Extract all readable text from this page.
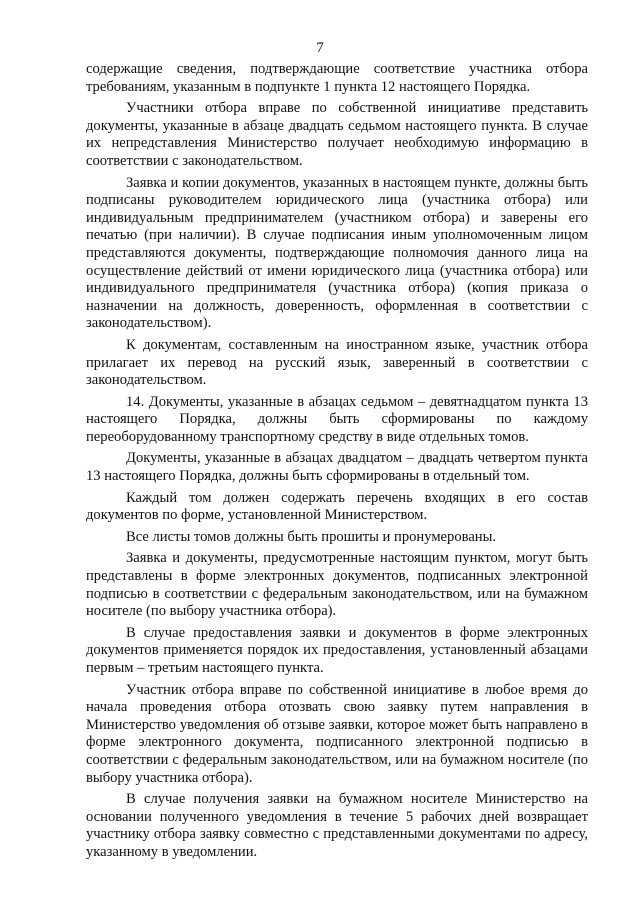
7

содержащие сведения, подтверждающие соответствие участника отбора требованиям, указанным в подпункте 1 пункта 12 настоящего Порядка.

Участники отбора вправе по собственной инициативе представить документы, указанные в абзаце двадцать седьмом настоящего пункта. В случае их непредставления Министерство получает необходимую информацию в соответствии с законодательством.

Заявка и копии документов, указанных в настоящем пункте, должны быть подписаны руководителем юридического лица (участника отбора) или индивидуальным предпринимателем (участником отбора) и заверены его печатью (при наличии). В случае подписания иным уполномоченным лицом представляются документы, подтверждающие полномочия данного лица на осуществление действий от имени юридического лица (участника отбора) или индивидуального предпринимателя (участника отбора) (копия приказа о назначении на должность, доверенность, оформленная в соответствии с законодательством).

К документам, составленным на иностранном языке, участник отбора прилагает их перевод на русский язык, заверенный в соответствии с законодательством.

14. Документы, указанные в абзацах седьмом – девятнадцатом пункта 13 настоящего Порядка, должны быть сформированы по каждому переоборудованному транспортному средству в виде отдельных томов.

Документы, указанные в абзацах двадцатом – двадцать четвертом пункта 13 настоящего Порядка, должны быть сформированы в отдельный том.

Каждый том должен содержать перечень входящих в его состав документов по форме, установленной Министерством.

Все листы томов должны быть прошиты и пронумерованы.

Заявка и документы, предусмотренные настоящим пунктом, могут быть представлены в форме электронных документов, подписанных электронной подписью в соответствии с федеральным законодательством, или на бумажном носителе (по выбору участника отбора).

В случае предоставления заявки и документов в форме электронных документов применяется порядок их предоставления, установленный абзацами первым – третьим настоящего пункта.

Участник отбора вправе по собственной инициативе в любое время до начала проведения отбора отозвать свою заявку путем направления в Министерство уведомления об отзыве заявки, которое может быть направлено в форме электронного документа, подписанного электронной подписью в соответствии с федеральным законодательством, или на бумажном носителе (по выбору участника отбора).

В случае получения заявки на бумажном носителе Министерство на основании полученного уведомления в течение 5 рабочих дней возвращает участнику отбора заявку совместно с представленными документами по адресу, указанному в уведомлении.
